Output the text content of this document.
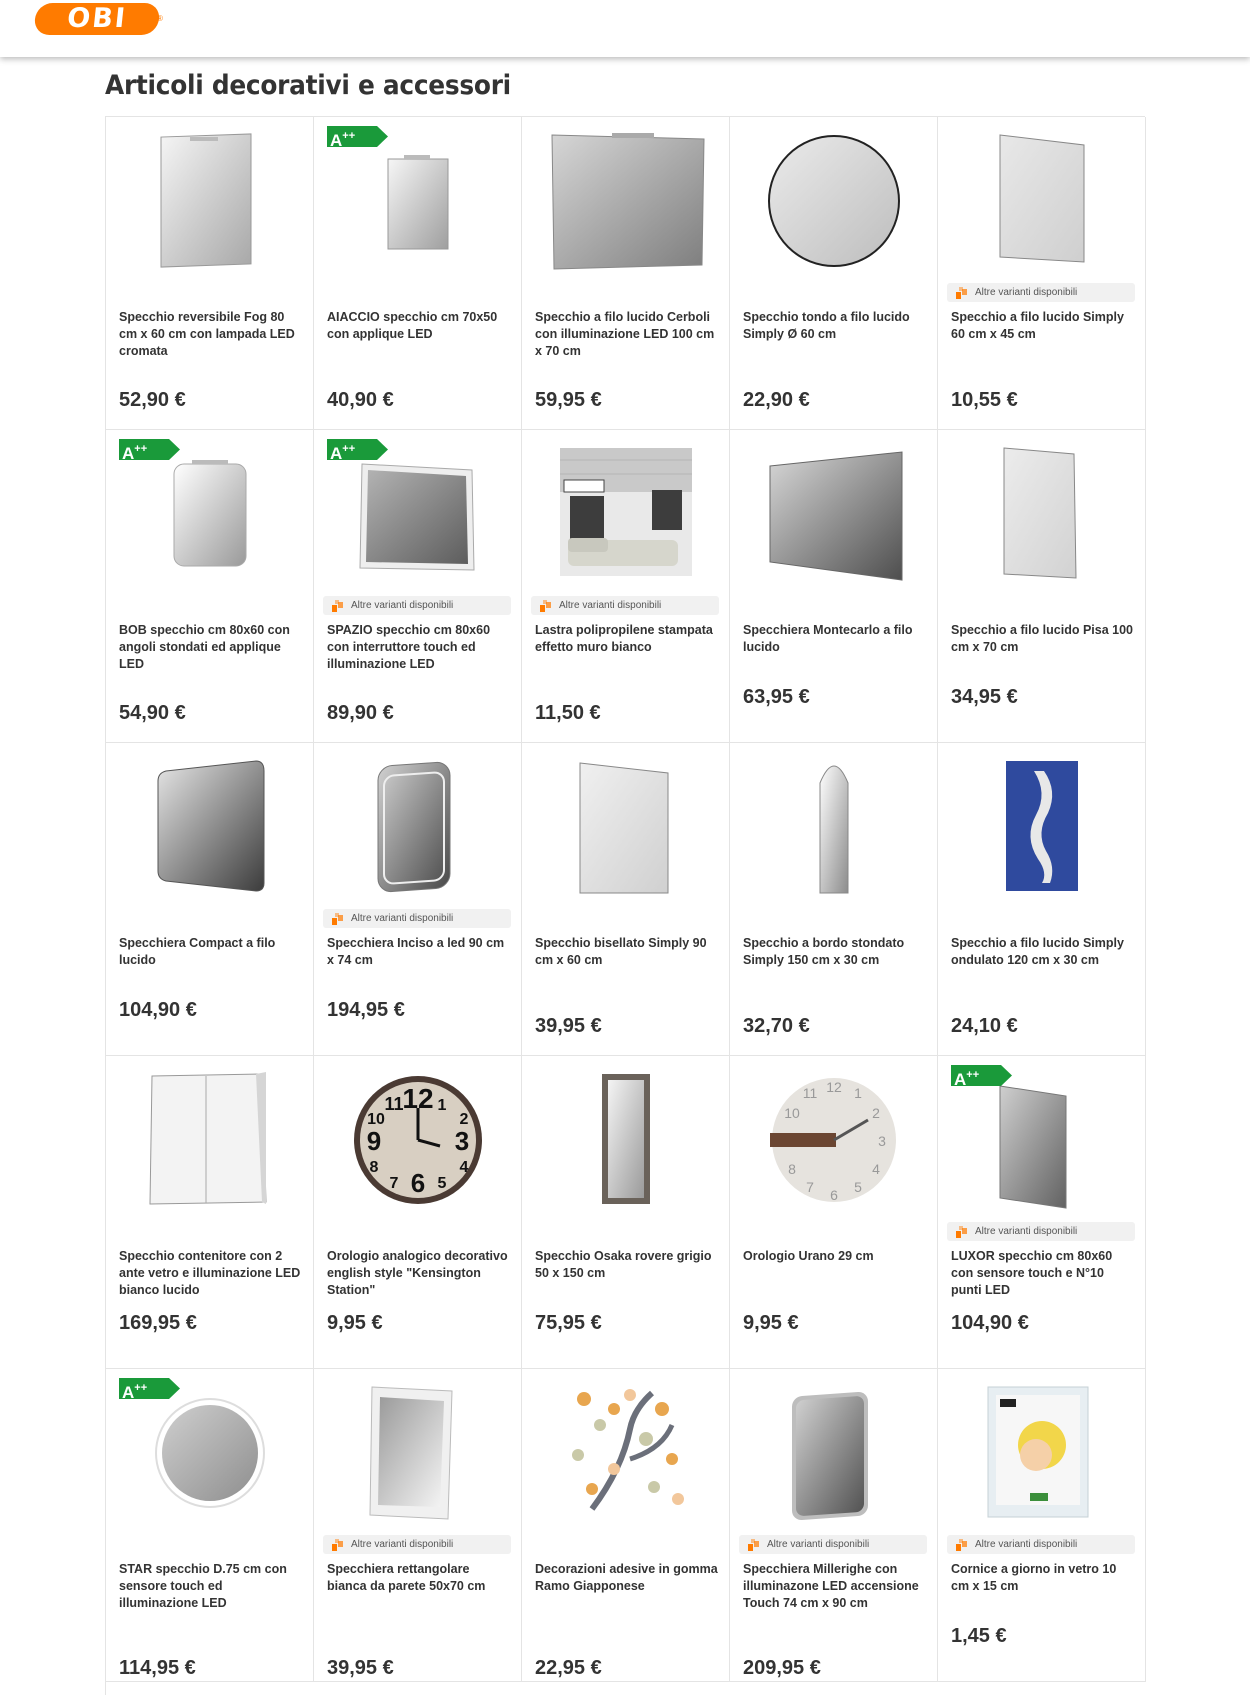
OBI	®
Articoli decorativi e accessori
Specchio reversibile Fog 80 cm x 60 cm con lampada LED cromata
52,90 €
A++
AIACCIO specchio cm 70x50 con applique LED
40,90 €
Specchio a filo lucido Cerboli con illuminazione LED 100 cm x 70 cm
59,95 €
Specchio tondo a filo lucido Simply Ø 60 cm
22,90 €
Altre varianti disponibili
Specchio a filo lucido Simply 60 cm x 45 cm
10,55 €
A++
BOB specchio cm 80x60 con angoli stondati ed applique LED
54,90 €
A++
Altre varianti disponibili
SPAZIO specchio cm 80x60 con interruttore touch ed illuminazione LED
89,90 €
Altre varianti disponibili
Lastra polipropilene stampata effetto muro bianco
11,50 €
Specchiera Montecarlo a filo lucido
63,95 €
Specchio a filo lucido Pisa 100 cm x 70 cm
34,95 €
Specchiera Compact a filo lucido
104,90 €
Altre varianti disponibili
Specchiera Inciso a led 90 cm x 74 cm
194,95 €
Specchio bisellato Simply 90 cm x 60 cm
39,95 €
Specchio a bordo stondato Simply 150 cm x 30 cm
32,70 €
Specchio a filo lucido Simply ondulato 120 cm x 30 cm
24,10 €
Specchio contenitore con 2 ante vetro e illuminazione LED bianco lucido
169,95 €
12
6
9	3
11 1
2
4
5
7
8
10
Orologio analogico decorativo english style "Kensington Station"
9,95 €
Specchio Osaka rovere grigio 50 x 150 cm
75,95 €
12
6
3
11	1
2
4
5
7
8
10
Orologio Urano 29 cm
9,95 €
A++
Altre varianti disponibili
LUXOR specchio cm 80x60 con sensore touch e N°10 punti LED
104,90 €
A++
STAR specchio D.75 cm con sensore touch ed illuminazione LED
114,95 €
Altre varianti disponibili
Specchiera rettangolare bianca da parete 50x70 cm
39,95 €
Decorazioni adesive in gomma Ramo Giapponese
22,95 €
Altre varianti disponibili
Specchiera Millerighe con illuminazone LED accensione Touch 74 cm x 90 cm
209,95 €
Altre varianti disponibili
Cornice a giorno in vetro 10 cm x 15 cm
1,45 €
